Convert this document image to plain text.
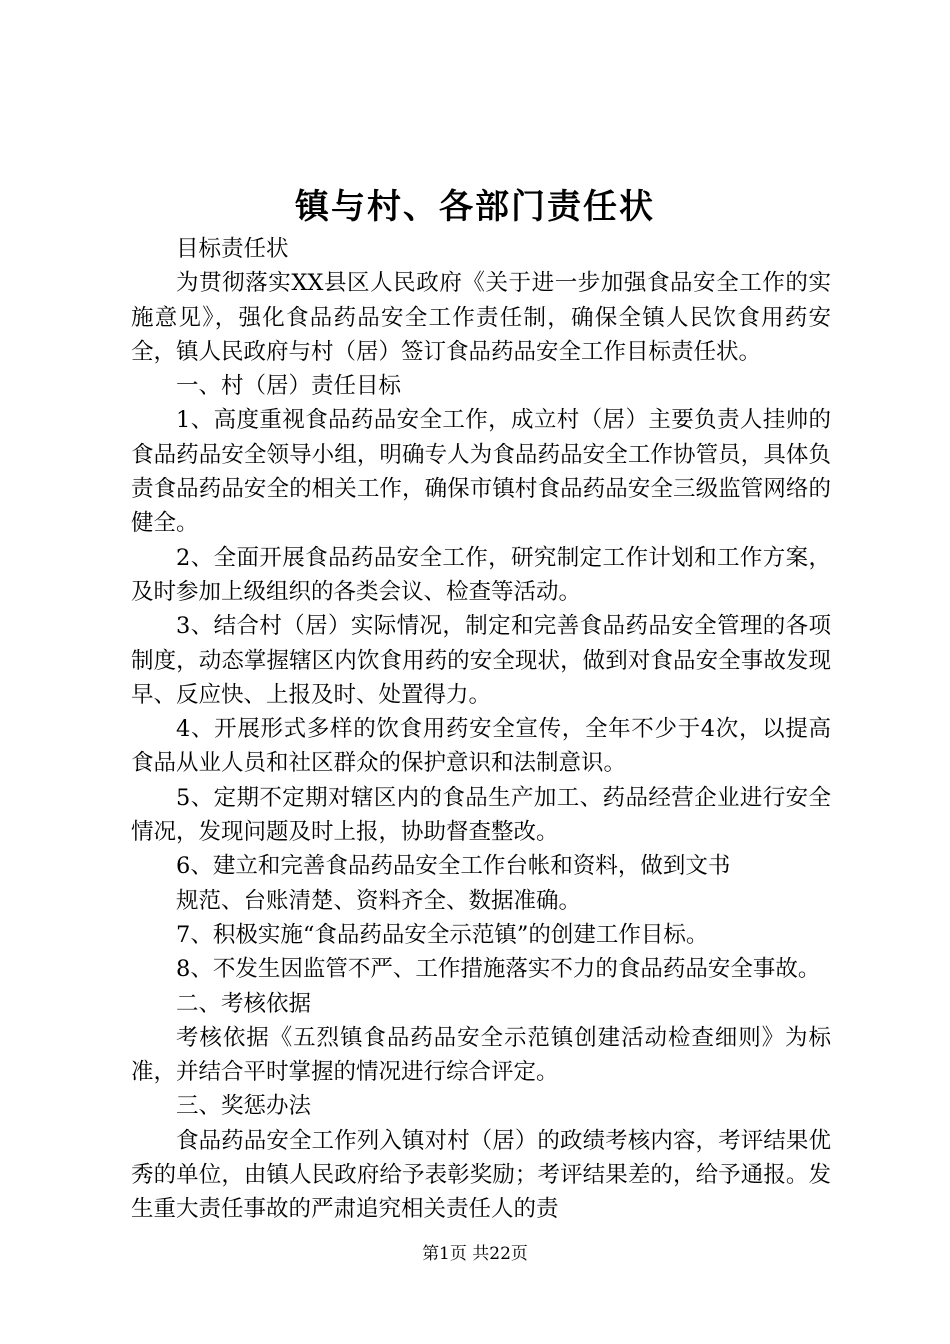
镇与村、各部门责任状

目标责任状

为贯彻落实XX县区人民政府《关于进一步加强食品安全工作的实施意见》，强化食品药品安全工作责任制，确保全镇人民饮食用药安全，镇人民政府与村（居）签订食品药品安全工作目标责任状。

一、村（居）责任目标

1、高度重视食品药品安全工作，成立村（居）主要负责人挂帅的食品药品安全领导小组，明确专人为食品药品安全工作协管员，具体负责食品药品安全的相关工作，确保市镇村食品药品安全三级监管网络的健全。

2、全面开展食品药品安全工作，研究制定工作计划和工作方案，及时参加上级组织的各类会议、检查等活动。

3、结合村（居）实际情况，制定和完善食品药品安全管理的各项制度，动态掌握辖区内饮食用药的安全现状，做到对食品安全事故发现早、反应快、上报及时、处置得力。

4、开展形式多样的饮食用药安全宣传，全年不少于4次，以提高食品从业人员和社区群众的保护意识和法制意识。

5、定期不定期对辖区内的食品生产加工、药品经营企业进行安全情况，发现问题及时上报，协助督查整改。

6、建立和完善食品药品安全工作台帐和资料，做到文书

规范、台账清楚、资料齐全、数据准确。

7、积极实施“食品药品安全示范镇”的创建工作目标。

8、不发生因监管不严、工作措施落实不力的食品药品安全事故。

二、考核依据

考核依据《五烈镇食品药品安全示范镇创建活动检查细则》为标准，并结合平时掌握的情况进行综合评定。

三、奖惩办法

食品药品安全工作列入镇对村（居）的政绩考核内容，考评结果优秀的单位，由镇人民政府给予表彰奖励；考评结果差的，给予通报。发生重大责任事故的严肃追究相关责任人的责

第1页 共22页
